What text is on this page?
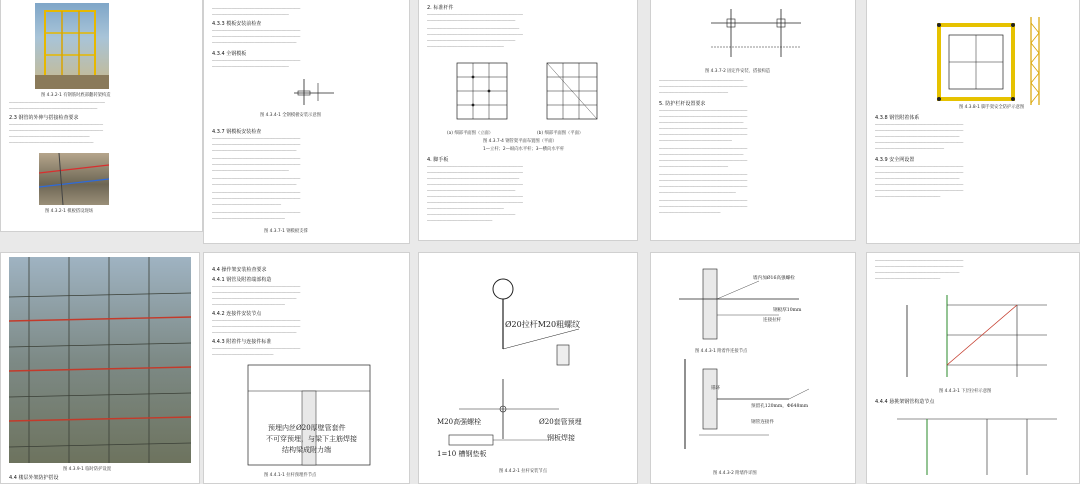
图 4.3.2-1 有钢筋时底部翻转架构造
──────────────────────────────────────────────────
──────────────────────────────────────────────
2.3 钢管的外伸与搭接检查要求
─────────────────────────────────────────────────
─────────────────────────────────────────────────
──────────────────────────────────────────
────────────────────────────────────────────
图 4.3.2-1 模板搭设现场
──────────────────────────────────────────────
────────────────────────────────────────
4.3.3 模板安装前检查
──────────────────────────────────────────────
──────────────────────────────────────────────
────────────────────────────────────────────
4.3.4 全钢模板
──────────────────────────────────────────────
────────────────────────────────────────
图 4.3.4-1 全钢模板安装示意图
4.3.7 钢模板安装检查
──────────────────────────────────────────────
──────────────────────────────────────────────
────────────────────────────────────────────
──────────────────────────────────────────────
──────────────────────────────────────────────
────────────────────────────────────────
──────────────────────────────────────────────
────────────────────────────────────────────
──────────────────────────────────────────────
──────────────────────────────────────────────
────────────────────────────────────
──────────────────────────────────────────────
──────────────────────────────────────
图 4.3.7-1 钢模板支撑
2. 标准杆件
──────────────────────────────────────────────────
──────────────────────────────────────────────
────────────────────────────────────────────────
──────────────────────────────────────────────────
──────────────────────────────────────────────
────────────────────────────────────────
(a) 细部平面图（立面）	(b) 细部平面图（平面）
图 4.3.7-4 钢管架平面布置图（平面）
1—立杆；2—纵向水平杆；3—横向水平杆
4. 脚手板
──────────────────────────────────────────────────
──────────────────────────────────────────────────
────────────────────────────────────────────────
──────────────────────────────────────────────────
──────────────────────────────────────────────
──────────────────────────────────────────────────
──────────────────────────────────────────────────
────────────────────────────────────────
──────────────────────────────────────────────
──────────────────────────────────
图 4.3.7-2 固定件安装、搭接构造
────────────────────────────────────────────
──────────────────────────────────────────────
────────────────────────────────────
5. 防护栏杆设置要求
──────────────────────────────────────────────
──────────────────────────────────────────────
────────────────────────────────────────────
──────────────────────────────────────────────
──────────────────────────────────────────────
──────────────────────────────────────
──────────────────────────────────────────────
────────────────────────────────────────────
──────────────────────────────────────────────
────────────────────────────────────
──────────────────────────────────────────────
──────────────────────────────────────────────
──────────────────────────────────────────────
────────────────────────────────────────
──────────────────────────────────────────────
──────────────────────────────────────────────
────────────────────────────────
图 4.3.8-1 脚手架安全防护示意图
4.3.8 钢管附着体系
──────────────────────────────────────────────
──────────────────────────────────────────────
────────────────────────────────────────────
──────────────────────────────────────────────
────────────────────────────────────
4.3.9 安全网设置
──────────────────────────────────────────────
──────────────────────────────────────────────
────────────────────────────────────────────
──────────────────────────────────────────────
──────────────────────────────────────────────
──────────────────────────────────
图 4.3.9-1 临时防护设置
4.4 楼层外架防护搭设
4.4 操作架安装检查要求
4.4.1 钢管及附着端部构造
──────────────────────────────────────────────
──────────────────────────────────────────────
────────────────────────────────────────────
──────────────────────────────────────
4.4.2 连接件安装节点
──────────────────────────────────────────────
──────────────────────────────────────────────
────────────────────────────────────────────
4.4.3 附着件与连接件标准
──────────────────────────────────────────────
────────────────────────────────
预埋内丝Ø20厚壁管套件
不可穿预埋，与梁下主筋焊接
结构梁成附力端
图 4.4.1-1 拉杆预埋件节点
Ø20拉杆M20粗螺纹
M20高强螺栓	Ø20套管预埋
钢板焊接
1=10 槽钢垫板
图 4.4.2-1 拉杆安装节点
墙内加Ø16高强螺栓
钢板厚10mm
连接拉杆
图 4.4.3-1 附着件连接节点
锚环
预留孔120mm，Φ648mm
钢管连接件
图 4.4.3-2 附墙件详图
──────────────────────────────────────────────
──────────────────────────────────────────────
────────────────────────────────────────────
──────────────────────────────────
图 4.4.3-1 下层拉杆示意图
4.4.4 悬挑架钢管构造节点
